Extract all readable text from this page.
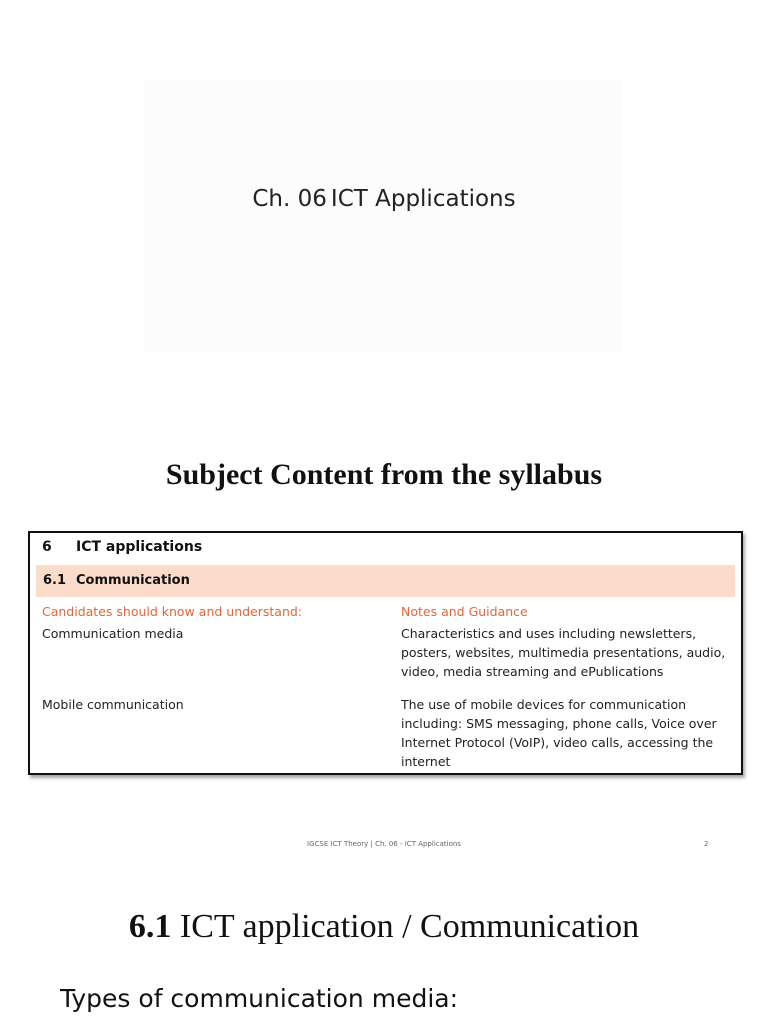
Ch. 06 ICT Applications
Subject Content from the syllabus
6 ICT applications
6.1 Communication
Candidates should know and understand:	Notes and Guidance
Communication media	Characteristics and uses including newsletters, posters, websites, multimedia presentations, audio, video, media streaming and ePublications
Mobile communication	The use of mobile devices for communication including: SMS messaging, phone calls, Voice over Internet Protocol (VoIP), video calls, accessing the internet
IGCSE ICT Theory | Ch. 06 - ICT Applications	2
6.1 ICT application / Communication
Types of communication media:
